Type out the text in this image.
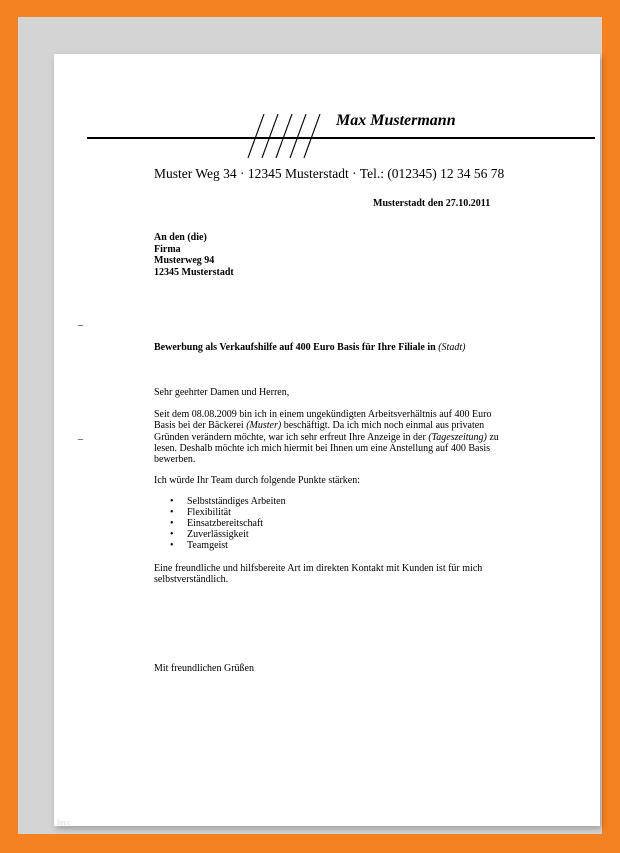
Max Mustermann
Muster Weg 34 · 12345 Musterstadt · Tel.: (012345) 12 34 56 78
Musterstadt den 27.10.2011
An den (die)
Firma
Musterweg 94
12345 Musterstadt
–
–
Bewerbung als Verkaufshilfe auf 400 Euro Basis für Ihre Filiale in (Stadt)
Sehr geehrter Damen und Herren,
Seit dem 08.08.2009 bin ich in einem ungekündigten Arbeitsverhältnis auf 400 Euro Basis bei der Bäckerei (Muster) beschäftigt. Da ich mich noch einmal aus privaten Gründen verändern möchte, war ich sehr erfreut Ihre Anzeige in der (Tageszeitung) zu lesen. Deshalb möchte ich mich hiermit bei Ihnen um eine Anstellung auf 400 Basis bewerben.
Ich würde Ihr Team durch folgende Punkte stärken:
• Selbstständiges Arbeiten
• Flexibilität
• Einsatzbereitschaft
• Zuverlässigkeit
• Teamgeist
Eine freundliche und hilfsbereite Art im direkten Kontakt mit Kunden ist für mich selbstverständlich.
Mit freundlichen Grüßen
hrcc
